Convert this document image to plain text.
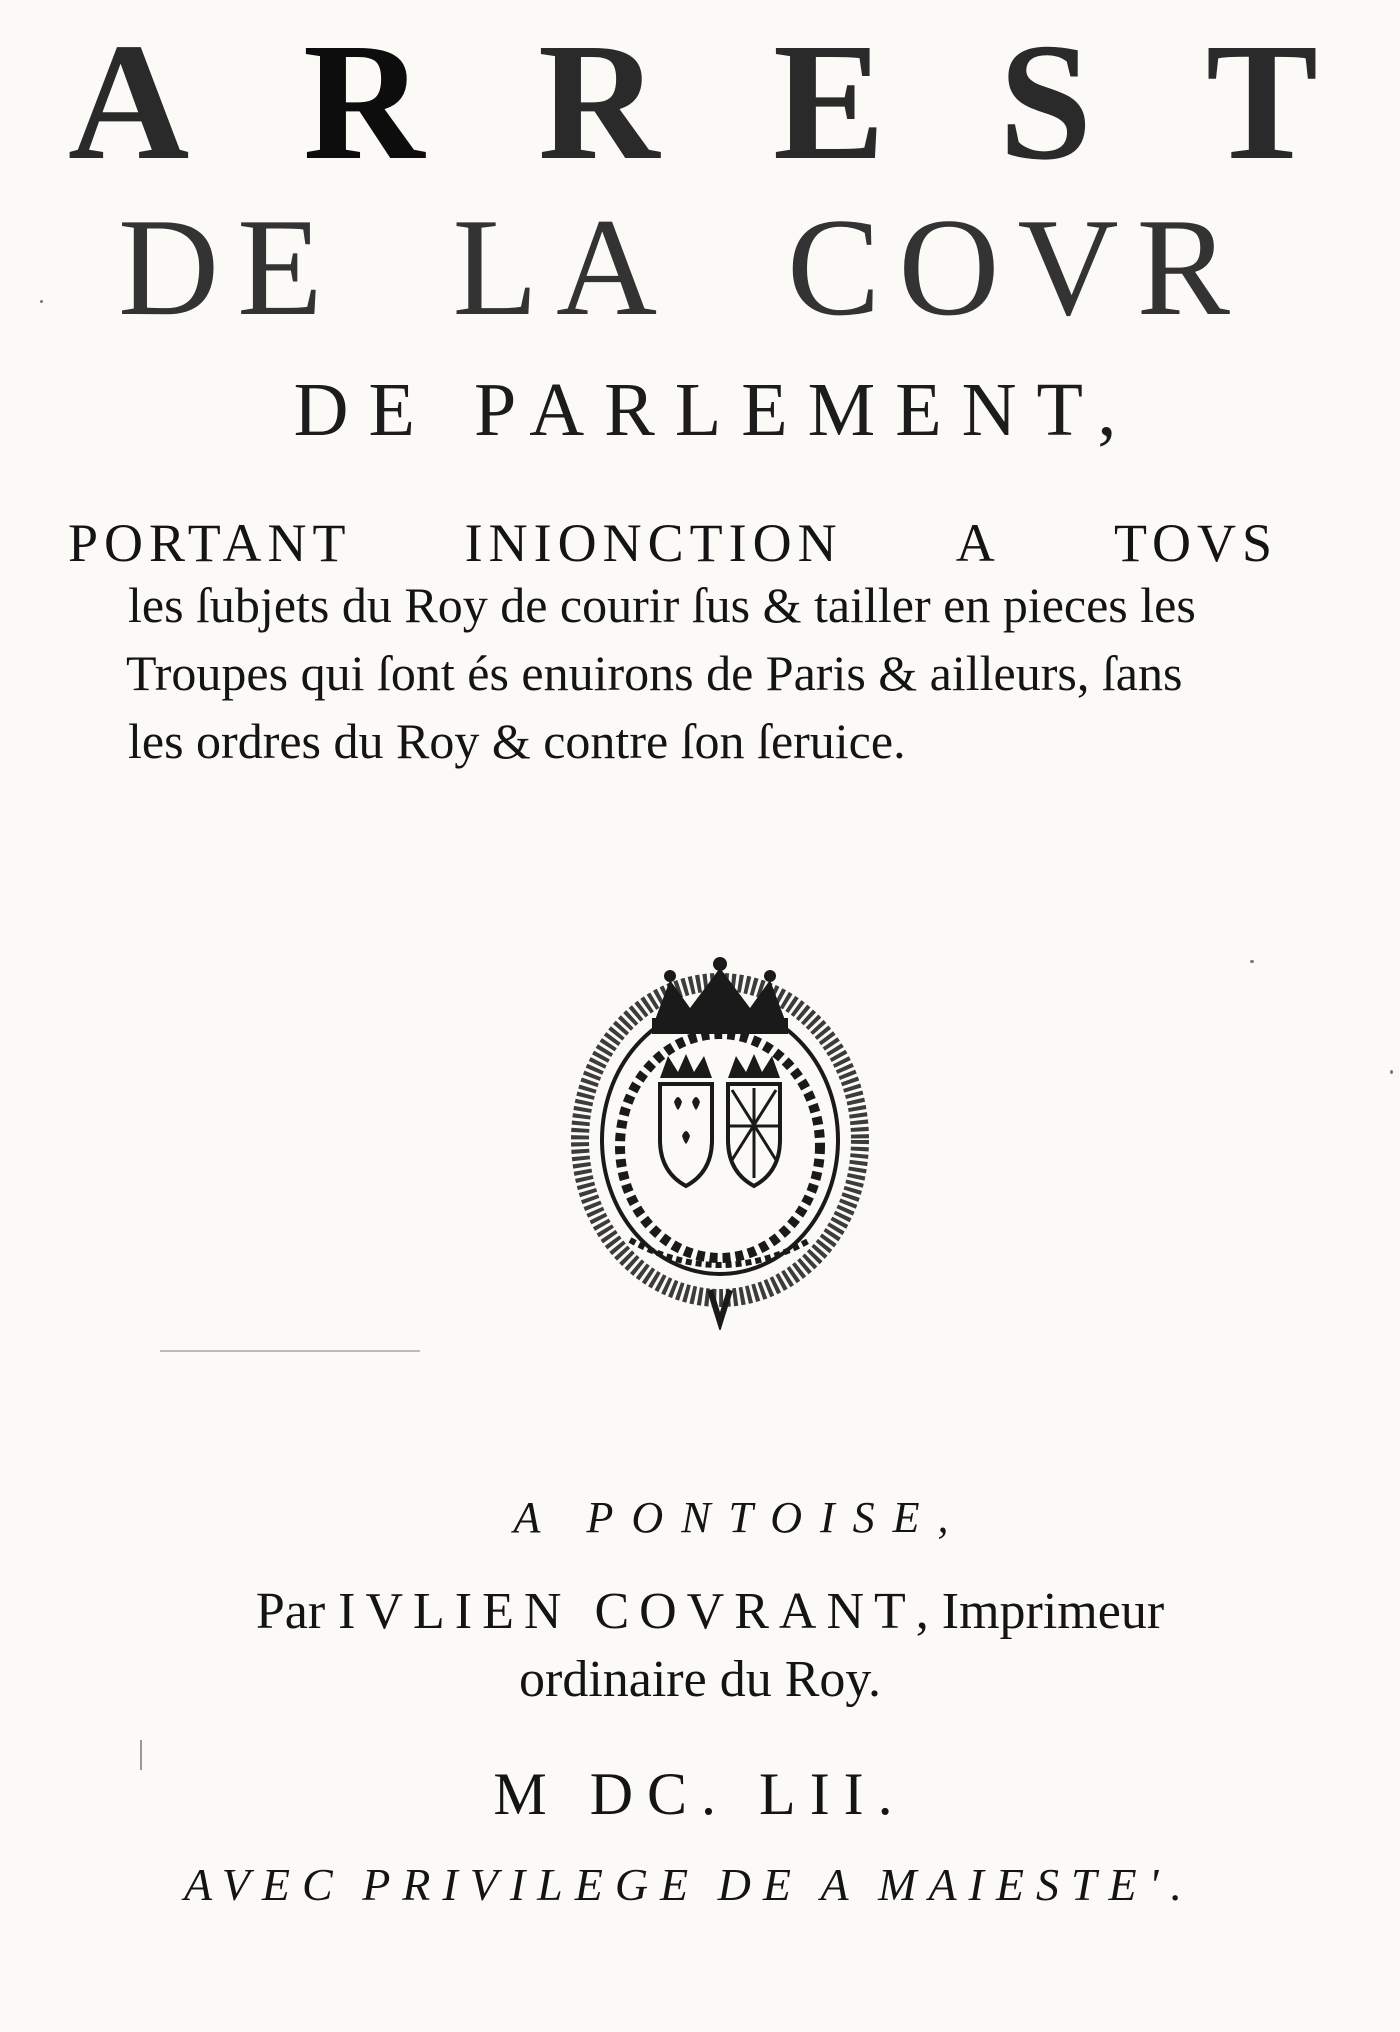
A R R E S T
D E L A C O V R
DE PARLEMENT,
PORTANT INIONCTION A TOVS
les ſubjets du Roy de courir ſus & tailler en pieces les
Troupes qui ſont és enuirons de Paris & ailleurs, ſans
les ordres du Roy & contre ſon ſeruice.
A PONTOISE,
Par IVLIEN COVRANT, Imprimeur
ordinaire du Roy.
M DC. LII.
AVEC PRIVILEGE DE A MAIESTE'.
